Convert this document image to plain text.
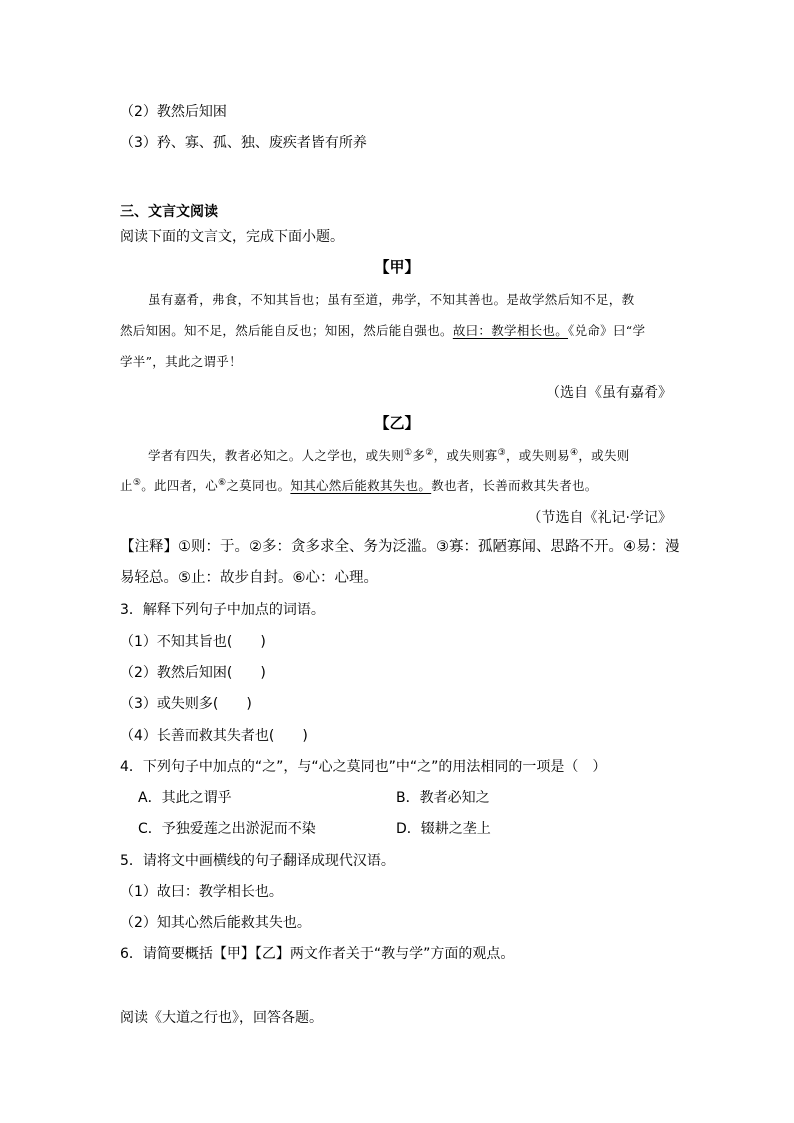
（2）教然后知困
（3）矜、寡、孤、独、废疾者皆有所养
三、文言文阅读
阅读下面的文言文，完成下面小题。
【甲】
虽有嘉肴，弗食，不知其旨也；虽有至道，弗学，不知其善也。是故学然后知不足，教
然后知困。知不足，然后能自反也；知困，然后能自强也。故曰：教学相长也。《兑命》曰“学
学半”，其此之谓乎！
（选自《虽有嘉肴》
【乙】
学者有四失，教者必知之。人之学也，或失则①多②，或失则寡③，或失则易④，或失则
止⑤。此四者，心⑥之莫同也。知其心然后能救其失也。教也者，长善而救其失者也。
（节选自《礼记·学记》
【注释】①则：于。②多：贪多求全、务为泛滥。③寡：孤陋寡闻、思路不开。④易：漫
易轻总。⑤止：故步自封。⑥心：心理。
3．解释下列句子中加点的词语。
（1）不知其旨也(　　)
（2）教然后知困(　　)
（3）或失则多(　　)
（4）长善而救其失者也(　　)
4．下列句子中加点的“之”，与“心之莫同也”中“之”的用法相同的一项是（　）
A．其此之谓乎	B．教者必知之
C．予独爱莲之出淤泥而不染	D．辍耕之垄上
5．请将文中画横线的句子翻译成现代汉语。
（1）故曰：教学相长也。
（2）知其心然后能救其失也。
6．请简要概括【甲】【乙】两文作者关于“教与学”方面的观点。
阅读《大道之行也》，回答各题。
